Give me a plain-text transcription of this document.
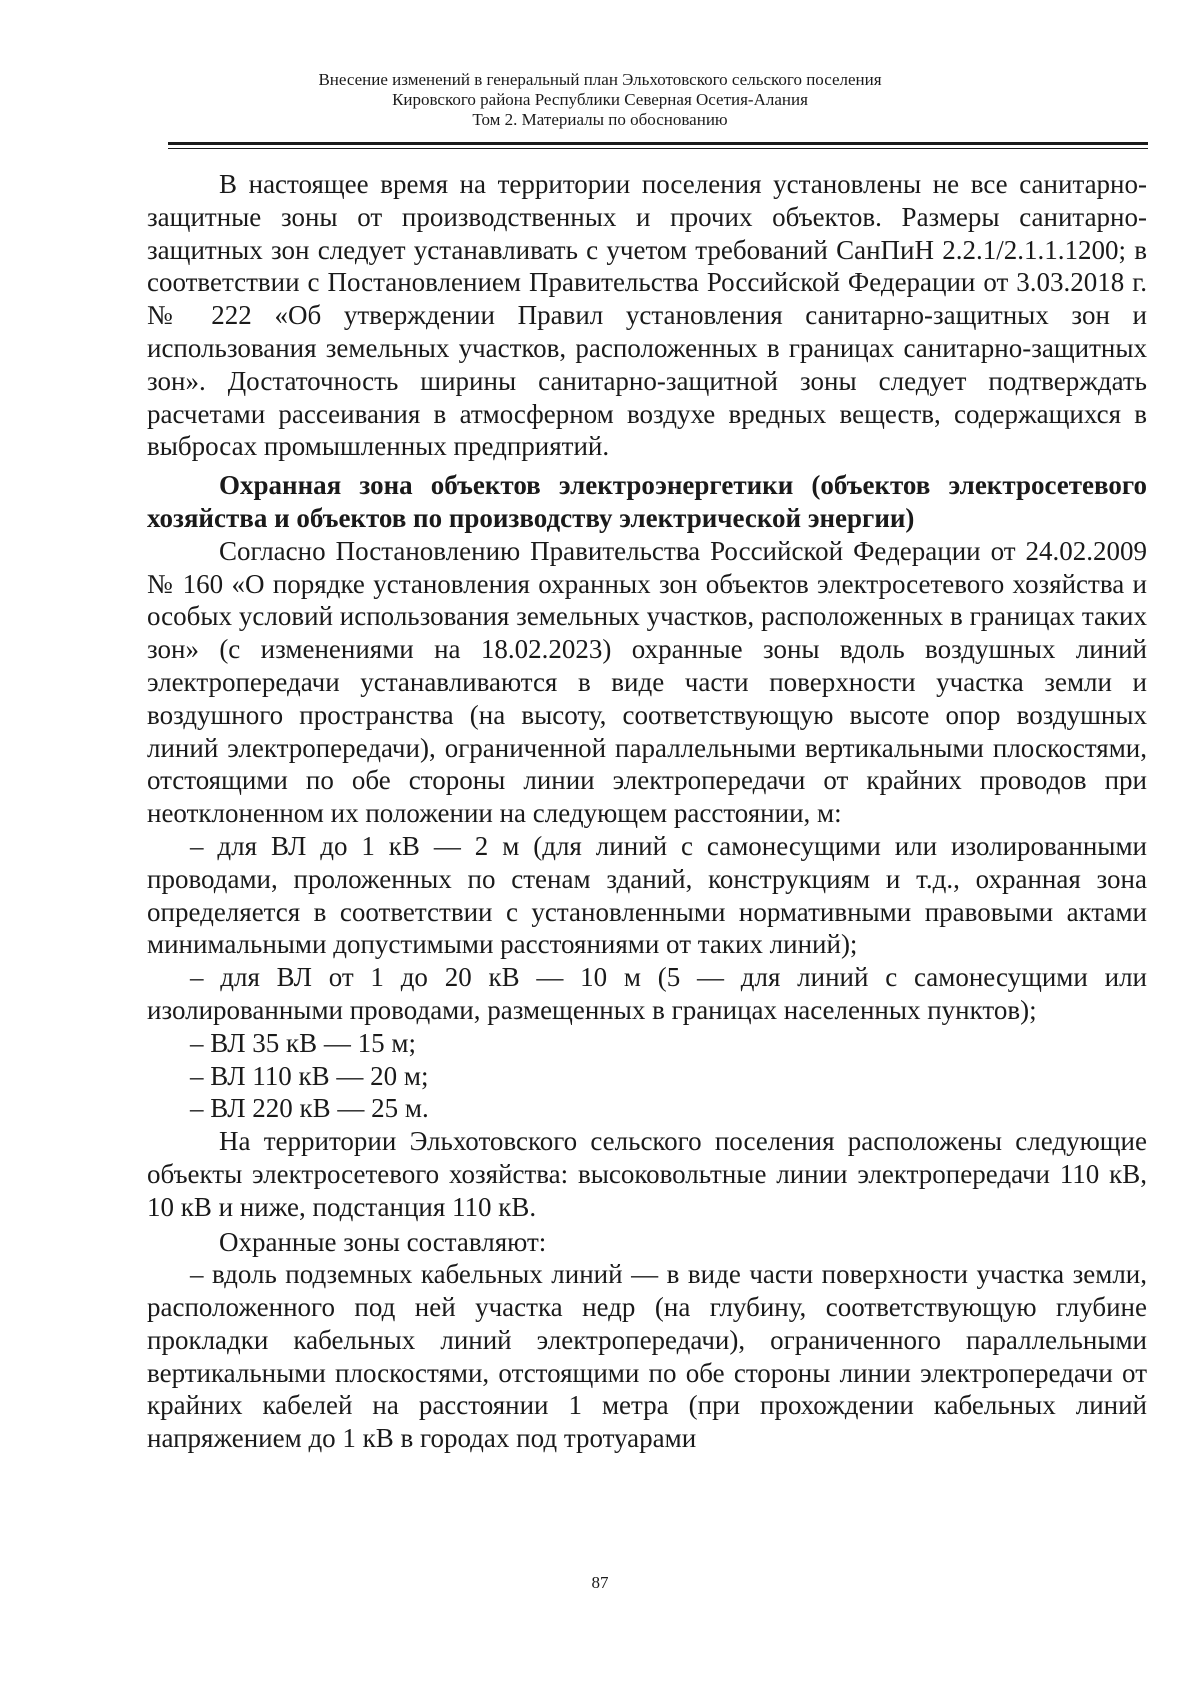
Внесение изменений в генеральный план Эльхотовского сельского поселения
Кировского района Республики Северная Осетия-Алания
Том 2. Материалы по обоснованию

В настоящее время на территории поселения установлены не все санитарно-защитные зоны от производственных и прочих объектов. Размеры санитарно-защитных зон следует устанавливать с учетом требований СанПиН 2.2.1/2.1.1.1200; в соответствии с Постановлением Правительства Российской Федерации от 3.03.2018 г. № 222 «Об утверждении Правил установления санитарно-защитных зон и использования земельных участков, расположенных в границах санитарно-защитных зон». Достаточность ширины санитарно-защитной зоны следует подтверждать расчетами рассеивания в атмосферном воздухе вредных веществ, содержащихся в выбросах промышленных предприятий.

Охранная зона объектов электроэнергетики (объектов электросетевого хозяйства и объектов по производству электрической энергии)

Согласно Постановлению Правительства Российской Федерации от 24.02.2009 № 160 «О порядке установления охранных зон объектов электросетевого хозяйства и особых условий использования земельных участков, расположенных в границах таких зон» (с изменениями на 18.02.2023) охранные зоны вдоль воздушных линий электропередачи устанавливаются в виде части поверхности участка земли и воздушного пространства (на высоту, соответствующую высоте опор воздушных линий электропередачи), ограниченной параллельными вертикальными плоскостями, отстоящими по обе стороны линии электропередачи от крайних проводов при неотклоненном их положении на следующем расстоянии, м:

– для ВЛ до 1 кВ — 2 м (для линий с самонесущими или изолированными проводами, проложенных по стенам зданий, конструкциям и т.д., охранная зона определяется в соответствии с установленными нормативными правовыми актами минимальными допустимыми расстояниями от таких линий);

– для ВЛ от 1 до 20 кВ — 10 м (5 — для линий с самонесущими или изолированными проводами, размещенных в границах населенных пунктов);

– ВЛ 35 кВ — 15 м;

– ВЛ 110 кВ — 20 м;

– ВЛ 220 кВ — 25 м.

На территории Эльхотовского сельского поселения расположены следующие объекты электросетевого хозяйства: высоковольтные линии электропередачи 110 кВ, 10 кВ и ниже, подстанция 110 кВ.

Охранные зоны составляют:

– вдоль подземных кабельных линий — в виде части поверхности участка земли, расположенного под ней участка недр (на глубину, соответствующую глубине прокладки кабельных линий электропередачи), ограниченного параллельными вертикальными плоскостями, отстоящими по обе стороны линии электропередачи от крайних кабелей на расстоянии 1 метра (при прохождении кабельных линий напряжением до 1 кВ в городах под тротуарами

87
